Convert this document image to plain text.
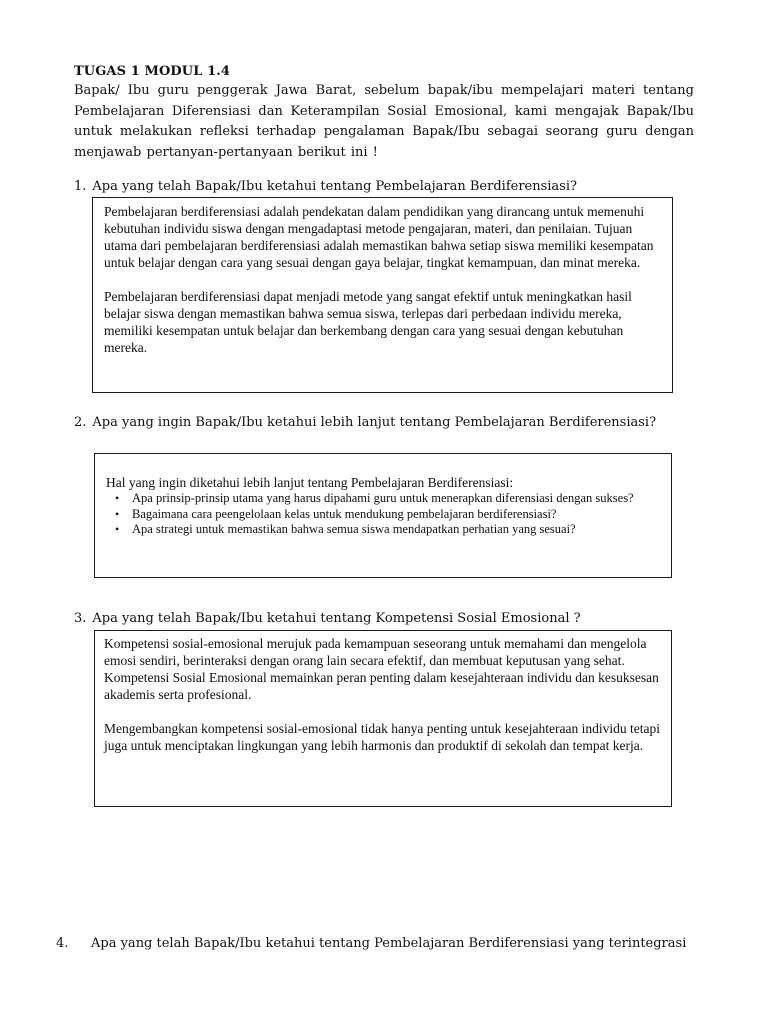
TUGAS 1 MODUL 1.4
Bapak/ Ibu guru penggerak Jawa Barat, sebelum bapak/ibu mempelajari materi tentang Pembelajaran Diferensiasi dan Keterampilan Sosial Emosional, kami mengajak Bapak/Ibu untuk melakukan refleksi terhadap pengalaman Bapak/Ibu sebagai seorang guru dengan menjawab pertanyan-pertanyaan berikut ini !
1. Apa yang telah Bapak/Ibu ketahui tentang Pembelajaran Berdiferensiasi?

Pembelajaran berdiferensiasi adalah pendekatan dalam pendidikan yang dirancang untuk memenuhi kebutuhan individu siswa dengan mengadaptasi metode pengajaran, materi, dan penilaian. Tujuan utama dari pembelajaran berdiferensiasi adalah memastikan bahwa setiap siswa memiliki kesempatan untuk belajar dengan cara yang sesuai dengan gaya belajar, tingkat kemampuan, dan minat mereka.

Pembelajaran berdiferensiasi dapat menjadi metode yang sangat efektif untuk meningkatkan hasil belajar siswa dengan memastikan bahwa semua siswa, terlepas dari perbedaan individu mereka, memiliki kesempatan untuk belajar dan berkembang dengan cara yang sesuai dengan kebutuhan mereka.

2. Apa yang ingin Bapak/Ibu ketahui lebih lanjut tentang Pembelajaran Berdiferensiasi?
Hal yang ingin diketahui lebih lanjut tentang Pembelajaran Berdiferensiasi:
• Apa prinsip-prinsip utama yang harus dipahami guru untuk menerapkan diferensiasi dengan sukses?
• Bagaimana cara peengelolaan kelas untuk mendukung pembelajaran berdiferensiasi?
• Apa strategi untuk memastikan bahwa semua siswa mendapatkan perhatian yang sesuai?
3. Apa yang telah Bapak/Ibu ketahui tentang Kompetensi Sosial Emosional ?

Kompetensi sosial-emosional merujuk pada kemampuan seseorang untuk memahami dan mengelola emosi sendiri, berinteraksi dengan orang lain secara efektif, dan membuat keputusan yang sehat. Kompetensi Sosial Emosional memainkan peran penting dalam kesejahteraan individu dan kesuksesan akademis serta profesional.

Mengembangkan kompetensi sosial-emosional tidak hanya penting untuk kesejahteraan individu tetapi juga untuk menciptakan lingkungan yang lebih harmonis dan produktif di sekolah dan tempat kerja.

4. Apa yang telah Bapak/Ibu ketahui tentang Pembelajaran Berdiferensiasi yang terintegrasi
